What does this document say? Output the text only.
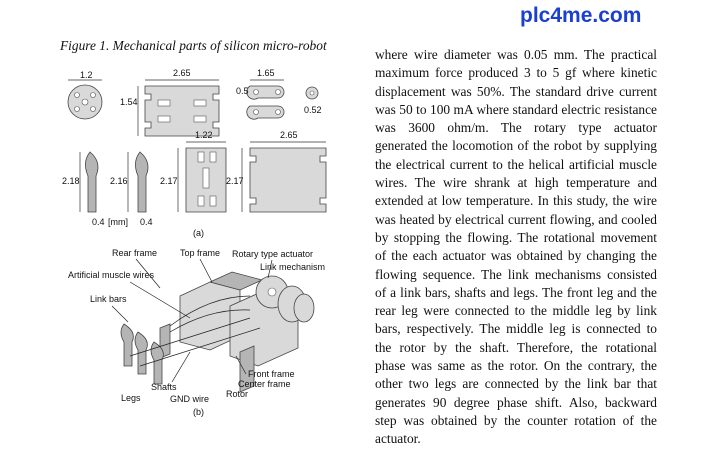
plc4me.com
Figure 1. Mechanical parts of silicon micro-robot
1.2	2.65	1.65
1.54
0.5
0.52
1.22	2.65
2.18	2.16	2.17	2.17
0.4 [mm] 0.4
(a)
Rear frame	Top frame Rotary type actuator
Link mechanism
Artificial muscle wires
Link bars
Front frame
Shafts	Center frame
Legs	GND wire Rotor
(b)

where wire diameter was 0.05 mm. The practical maximum force produced 3 to 5 gf where kinetic displacement was 50%. The standard drive current was 50 to 100 mA where standard electric resistance was 3600 ohm/m. The rotary type actuator generated the locomotion of the robot by supplying the electrical current to the helical artificial muscle wires. The wire shrank at high temperature and extended at low temperature. In this study, the wire was heated by electrical current flowing, and cooled by stopping the flowing. The rotational movement of the each actuator was obtained by changing the flowing sequence. The link mechanisms consisted of a link bars, shafts and legs. The front leg and the rear leg were connected to the middle leg by link bars, respectively. The middle leg is connected to the rotor by the shaft. Therefore, the rotational phase was same as the rotor. On the contrary, the other two legs are connected by the link bar that generates 90 degree phase shift. Also, backward step was obtained by the counter rotation of the actuator.
